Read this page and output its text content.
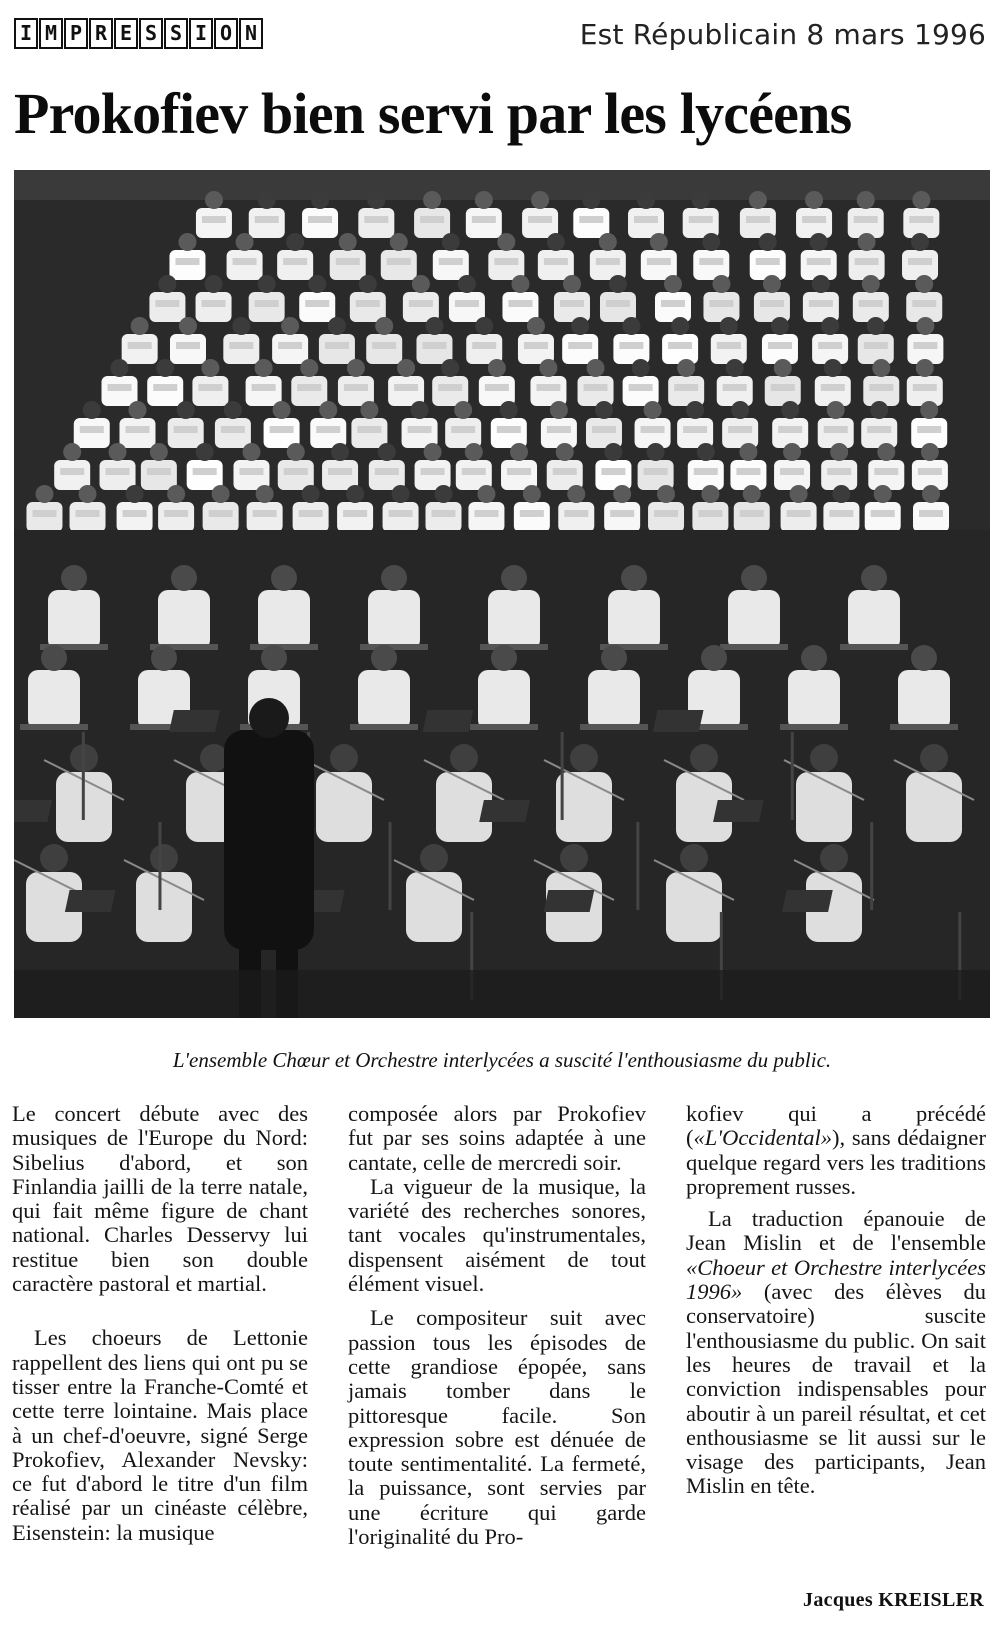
I M P R E S S I O N	Est Républicain 8 mars 1996
Prokofiev bien servi par les lycéens
L'ensemble Chœur et Orchestre interlycées a suscité l'enthousiasme du public.

Le concert débute avec des musiques de l'Europe du Nord: Sibelius d'abord, et son Finlandia jailli de la terre natale, qui fait même figure de chant national. Charles Desservy lui restitue bien son double caractère pastoral et martial.

Les choeurs de Lettonie rappellent des liens qui ont pu se tisser entre la Franche-Comté et cette terre lointaine. Mais place à un chef-d'oeuvre, signé Serge Prokofiev, Alexander Nevsky: ce fut d'abord le titre d'un film réalisé par un cinéaste célèbre, Eisenstein: la musique

composée alors par Prokofiev fut par ses soins adaptée à une cantate, celle de mercredi soir.

La vigueur de la musique, la variété des recherches sonores, tant vocales qu'instrumentales, dispensent aisément de tout élément visuel.

Le compositeur suit avec passion tous les épisodes de cette grandiose épopée, sans jamais tomber dans le pittoresque facile. Son expression sobre est dénuée de toute sentimentalité. La fermeté, la puissance, sont servies par une écriture qui garde l'originalité du Pro-

kofiev qui a précédé («L'Occidental»), sans dédaigner quelque regard vers les traditions proprement russes.

La traduction épanouie de Jean Mislin et de l'ensemble «Choeur et Orchestre interlycées 1996» (avec des élèves du conservatoire) suscite l'enthousiasme du public. On sait les heures de travail et la conviction indispensables pour aboutir à un pareil résultat, et cet enthousiasme se lit aussi sur le visage des participants, Jean Mislin en tête.

Jacques KREISLER
